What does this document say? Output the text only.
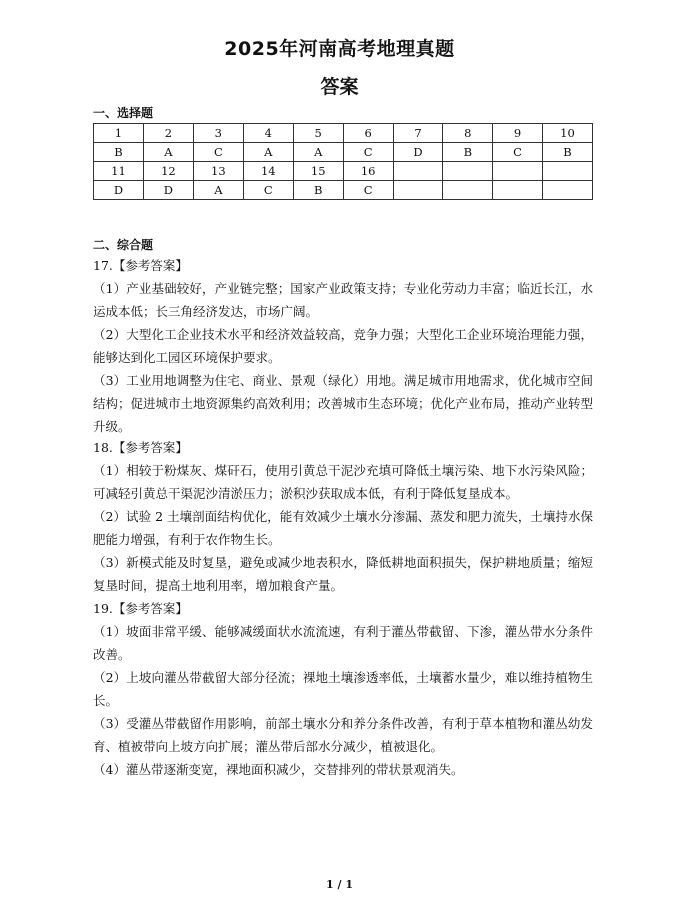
2025年河南高考地理真题
答案
一、选择题
1	2	3	4	5	6	7	8	9	10
B	A	C	A	A	C	D	B	C	B
11	12	13	14	15	16				
D	D	A	C	B	C				
二、综合题

17.【参考答案】

（1）产业基础较好，产业链完整；国家产业政策支持；专业化劳动力丰富；临近长江，水运成本低；长三角经济发达，市场广阔。

（2）大型化工企业技术水平和经济效益较高，竞争力强；大型化工企业环境治理能力强，能够达到化工园区环境保护要求。

（3）工业用地调整为住宅、商业、景观（绿化）用地。满足城市用地需求，优化城市空间结构；促进城市土地资源集约高效利用；改善城市生态环境；优化产业布局，推动产业转型升级。

18.【参考答案】

（1）相较于粉煤灰、煤矸石，使用引黄总干泥沙充填可降低土壤污染、地下水污染风险；可减轻引黄总干渠泥沙清淤压力；淤积沙获取成本低，有利于降低复垦成本。

（2）试验 2 土壤剖面结构优化，能有效减少土壤水分渗漏、蒸发和肥力流失，土壤持水保肥能力增强，有利于农作物生长。

（3）新模式能及时复垦，避免或减少地表积水，降低耕地面积损失，保护耕地质量；缩短复垦时间，提高土地利用率，增加粮食产量。

19.【参考答案】

（1）坡面非常平缓、能够减缓面状水流流速，有利于灌丛带截留、下渗，灌丛带水分条件改善。

（2）上坡向灌丛带截留大部分径流；裸地土壤渗透率低，土壤蓄水量少，难以维持植物生长。

（3）受灌丛带截留作用影响，前部土壤水分和养分条件改善，有利于草本植物和灌丛幼发育、植被带向上坡方向扩展；灌丛带后部水分减少，植被退化。

（4）灌丛带逐渐变宽，裸地面积减少，交替排列的带状景观消失。

1 / 1
